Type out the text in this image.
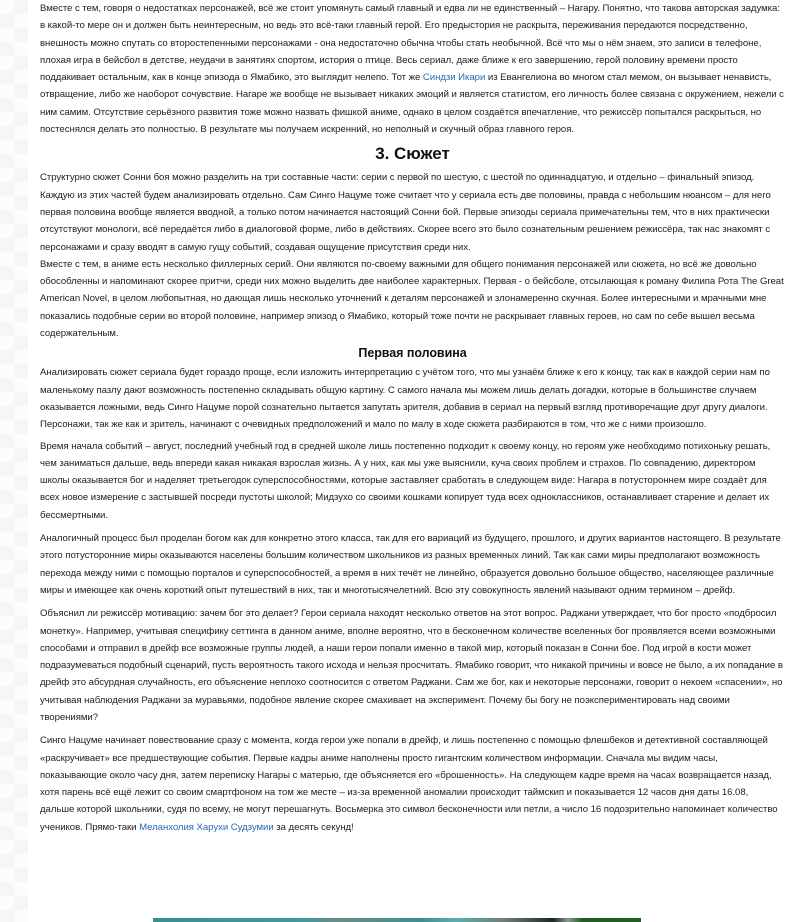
Вместе с тем, говоря о недостатках персонажей, всё же стоит упомянуть самый главный и едва ли не единственный – Нагару. Понятно, что такова авторская задумка: в какой-то мере он и должен быть неинтересным, но ведь это всё-таки главный герой. Его предыстория не раскрыта, переживания передаются посредственно, внешность можно спутать со второстепенными персонажами - она недостаточно обычна чтобы стать необычной. Всё что мы о нём знаем, это записи в телефоне, плохая игра в бейсбол в детстве, неудачи в занятиях спортом, история о птице. Весь сериал, даже ближе к его завершению, герой половину времени просто поддакивает остальным, как в конце эпизода о Ямабико, это выглядит нелепо. Тот же Синдзи Икари из Евангелиона во многом стал мемом, он вызывает ненависть, отвращение, либо же наоборот сочувствие. Нагаре же вообще не вызывает никаких эмоций и является статистом, его личность более связана с окружением, нежели с ним самим. Отсутствие серьёзного развития тоже можно назвать фишкой аниме, однако в целом создаётся впечатление, что режиссёр попытался раскрыться, но постеснялся делать это полностью. В результате мы получаем искренний, но неполный и скучный образ главного героя.

3. Сюжет

Структурно сюжет Сонни боя можно разделить на три составные части: серии с первой по шестую, с шестой по одиннадцатую, и отдельно – финальный эпизод. Каждую из этих частей будем анализировать отдельно. Сам Синго Нацуме тоже считает что у сериала есть две половины, правда с небольшим нюансом – для него первая половина вообще является вводной, а только потом начинается настоящий Сонни бой. Первые эпизоды сериала примечательны тем, что в них практически отсутствуют монологи, всё передаётся либо в диалоговой форме, либо в действиях. Скорее всего это было сознательным решением режиссёра, так нас знакомят с персонажами и сразу вводят в самую гущу событий, создавая ощущение присутствия среди них.

Вместе с тем, в аниме есть несколько филлерных серий. Они являются по-своему важными для общего понимания персонажей или сюжета, но всё же довольно обособленны и напоминают скорее притчи, среди них можно выделить две наиболее характерных. Первая - о бейсболе, отсылающая к роману Филипа Рота The Great American Novel, в целом любопытная, но дающая лишь несколько уточнений к деталям персонажей и злонамеренно скучная. Более интересными и мрачными мне показались подобные серии во второй половине, например эпизод о Ямабико, который тоже почти не раскрывает главных героев, но сам по себе вышел весьма содержательным.

Первая половина

Анализировать сюжет сериала будет гораздо проще, если изложить интерпретацию с учётом того, что мы узнаём ближе к его к концу, так как в каждой серии нам по маленькому пазлу дают возможность постепенно складывать общую картину. С самого начала мы можем лишь делать догадки, которые в большинстве случаем оказывается ложными, ведь Синго Нацуме порой сознательно пытается запутать зрителя, добавив в сериал на первый взгляд противоречащие друг другу диалоги. Персонажи, так же как и зритель, начинают с очевидных предположений и мало по малу в ходе сюжета разбираются в том, что же с ними произошло.

Время начала событий – август, последний учебный год в средней школе лишь постепенно подходит к своему концу, но героям уже необходимо потихоньку решать, чем заниматься дальше, ведь впереди какая никакая взрослая жизнь. А у них, как мы уже выяснили, куча своих проблем и страхов. По совпадению, директором школы оказывается бог и наделяет третьегодок суперспособностями, которые заставляет сработать в следующем виде: Нагара в потустороннем мире создаёт для всех новое измерение с застывшей посреди пустоты школой; Мидзухо со своими кошками копирует туда всех одноклассников, останавливает старение и делает их бессмертными.

Аналогичный процесс был проделан богом как для конкретно этого класса, так для его вариаций из будущего, прошлого, и других вариантов настоящего. В результате этого потусторонние миры оказываются населены большим количеством школьников из разных временных линий. Так как сами миры предполагают возможность перехода между ними с помощью порталов и суперспособностей, а время в них течёт не линейно, образуется довольно большое общество, населяющее различные миры и имеющее как очень короткий опыт путешествий в них, так и многотысячелетний. Всю эту совокупность явлений называют одним термином – дрейф.

Объяснил ли режиссёр мотивацию: зачем бог это делает? Герои сериала находят несколько ответов на этот вопрос. Раджани утверждает, что бог просто «подбросил монетку». Например, учитывая специфику сеттинга в данном аниме, вполне вероятно, что в бесконечном количестве вселенных бог проявляется всеми возможными способами и отправил в дрейф все возможные группы людей, а наши герои попали именно в такой мир, который показан в Сонни бое. Под игрой в кости может подразумеваться подобный сценарий, пусть вероятность такого исхода и нельзя просчитать. Ямабико говорит, что никакой причины и вовсе не было, а их попадание в дрейф это абсурдная случайность, его объяснение неплохо соотносится с ответом Раджани. Сам же бог, как и некоторые персонажи, говорит о некоем «спасении», но учитывая наблюдения Раджани за муравьями, подобное явление скорее смахивает на эксперимент. Почему бы богу не поэкспериментировать над своими творениями?

Синго Нацуме начинает повествование сразу с момента, когда герои уже попали в дрейф, и лишь постепенно с помощью флешбеков и детективной составляющей «раскручивает» все предшествующие события. Первые кадры аниме наполнены просто гигантским количеством информации. Сначала мы видим часы, показывающие около часу дня, затем переписку Нагары с матерью, где объясняется его «брошенность». На следующем кадре время на часах возвращается назад, хотя парень всё ещё лежит со своим смартфоном на том же месте – из-за временной аномалии происходит таймскип и показывается 12 часов дня даты 16.08, дальше которой школьники, судя по всему, не могут перешагнуть. Восьмерка это символ бесконечности или петли, а число 16 подозрительно напоминает количество учеников. Прямо-таки Меланхолия Харухи Судзумии за десять секунд!
